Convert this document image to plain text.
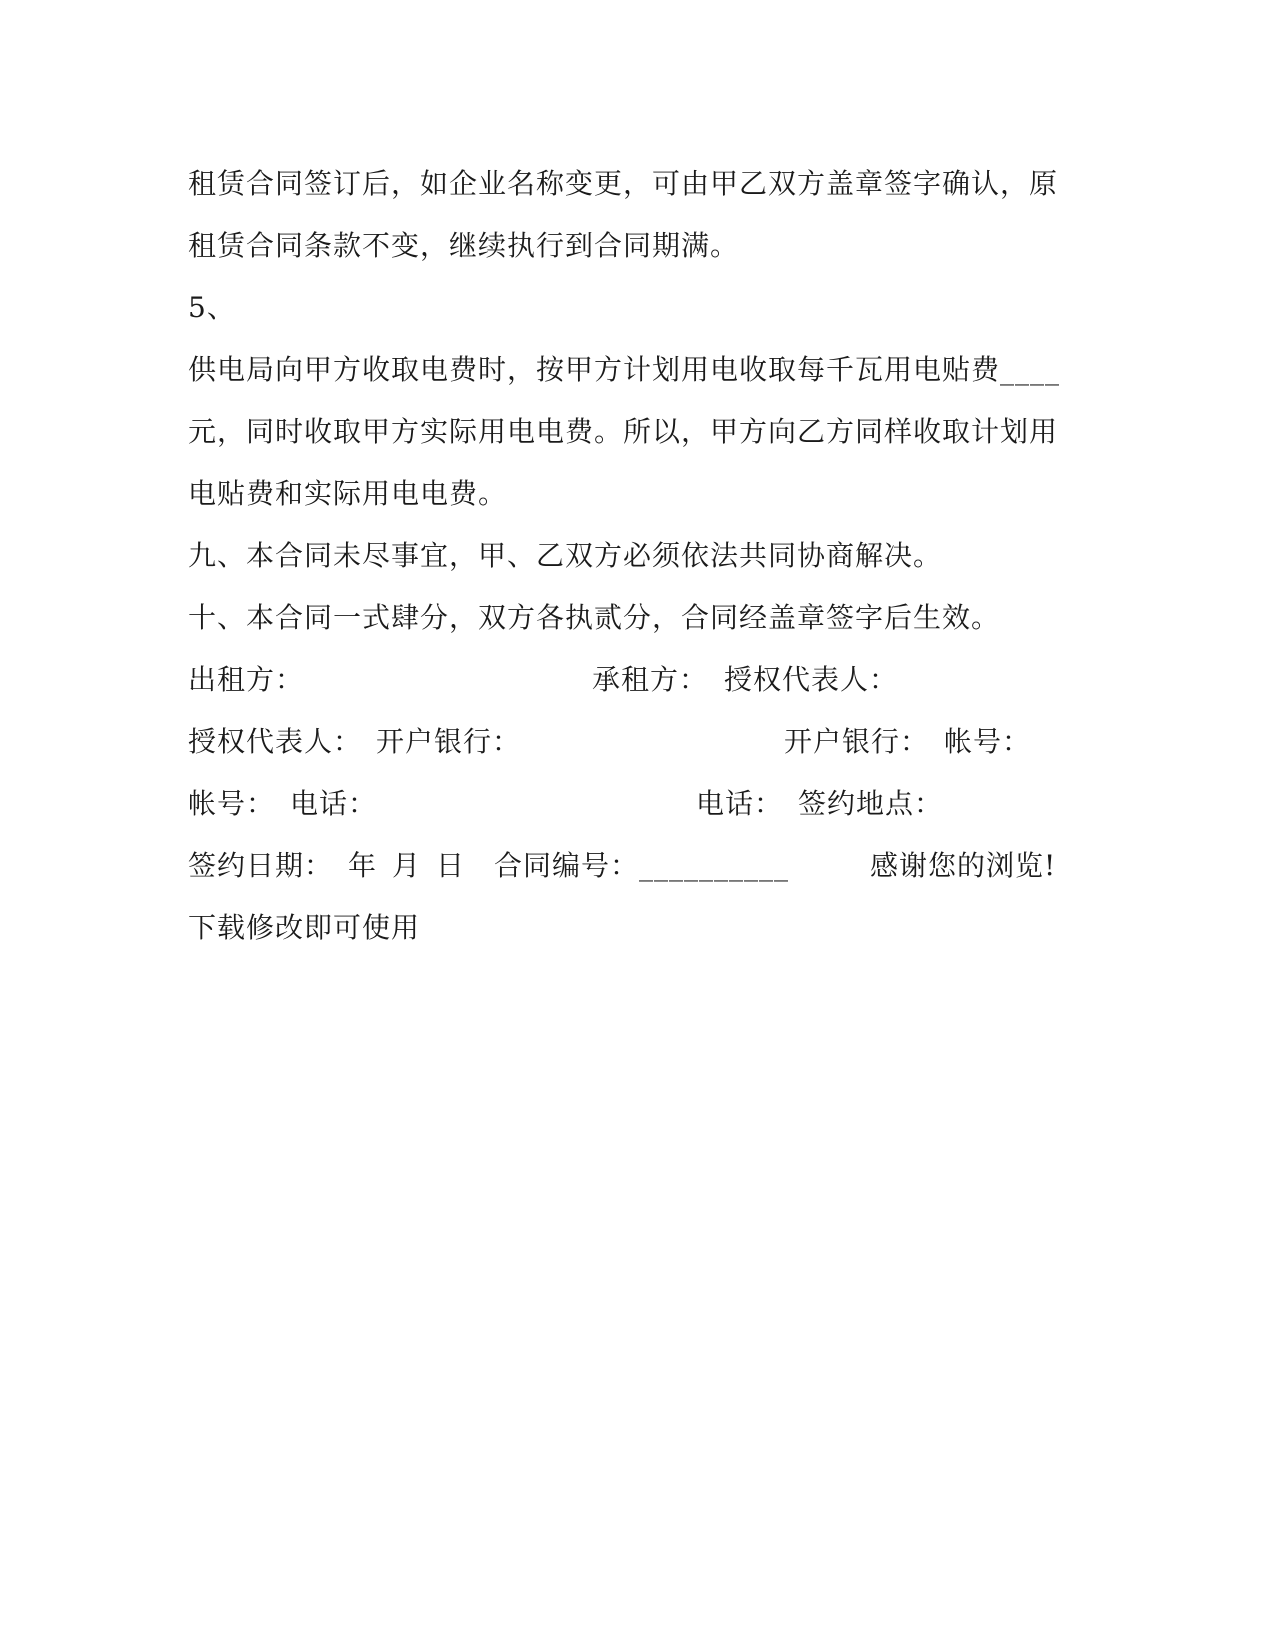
租赁合同签订后，如企业名称变更，可由甲乙双方盖章签字确认，原
租赁合同条款不变，继续执行到合同期满。
5、
供电局向甲方收取电费时，按甲方计划用电收取每千瓦用电贴费____
元，同时收取甲方实际用电电费。所以，甲方向乙方同样收取计划用
电贴费和实际用电电费。
九、本合同未尽事宜，甲、乙双方必须依法共同协商解决。
十、本合同一式肆分，双方各执贰分，合同经盖章签字后生效。
出租方：	承租方： 授权代表人：
授权代表人： 开户银行：	开户银行： 帐号：
帐号： 电话：	电话： 签约地点：
签约日期： 年 月 日 合同编号：__________	感谢您的浏览!
下载修改即可使用
